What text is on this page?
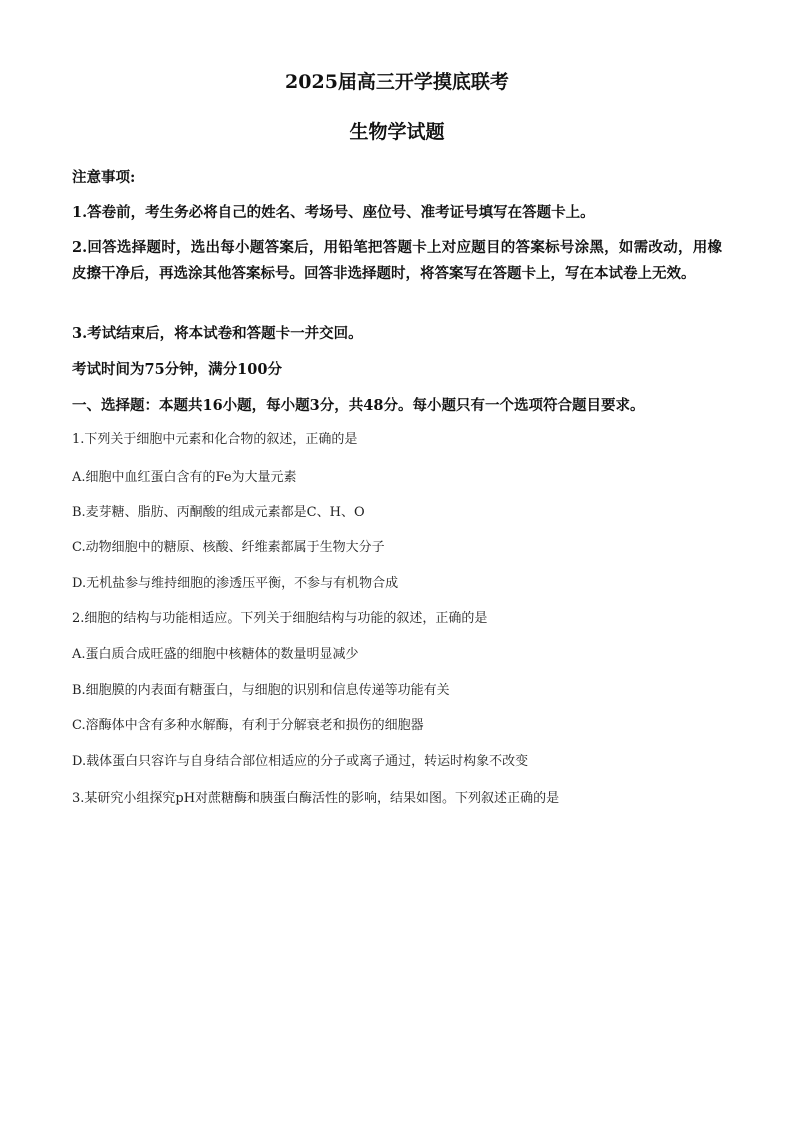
2025届高三开学摸底联考
生物学试题
注意事项:
1.答卷前，考生务必将自己的姓名、考场号、座位号、准考证号填写在答题卡上。
2.回答选择题时，选出每小题答案后，用铅笔把答题卡上对应题目的答案标号涂黑，如需改动，用橡皮擦干净后，再选涂其他答案标号。回答非选择题时，将答案写在答题卡上，写在本试卷上无效。
3.考试结束后，将本试卷和答题卡一并交回。
考试时间为75分钟，满分100分
一、选择题：本题共16小题，每小题3分，共48分。每小题只有一个选项符合题目要求。
1.下列关于细胞中元素和化合物的叙述，正确的是
A.细胞中血红蛋白含有的Fe为大量元素
B.麦芽糖、脂肪、丙酮酸的组成元素都是C、H、O
C.动物细胞中的糖原、核酸、纤维素都属于生物大分子
D.无机盐参与维持细胞的渗透压平衡，不参与有机物合成
2.细胞的结构与功能相适应。下列关于细胞结构与功能的叙述，正确的是
A.蛋白质合成旺盛的细胞中核糖体的数量明显减少
B.细胞膜的内表面有糖蛋白，与细胞的识别和信息传递等功能有关
C.溶酶体中含有多种水解酶，有利于分解衰老和损伤的细胞器
D.载体蛋白只容许与自身结合部位相适应的分子或离子通过，转运时构象不改变
3.某研究小组探究pH对蔗糖酶和胰蛋白酶活性的影响，结果如图。下列叙述正确的是
